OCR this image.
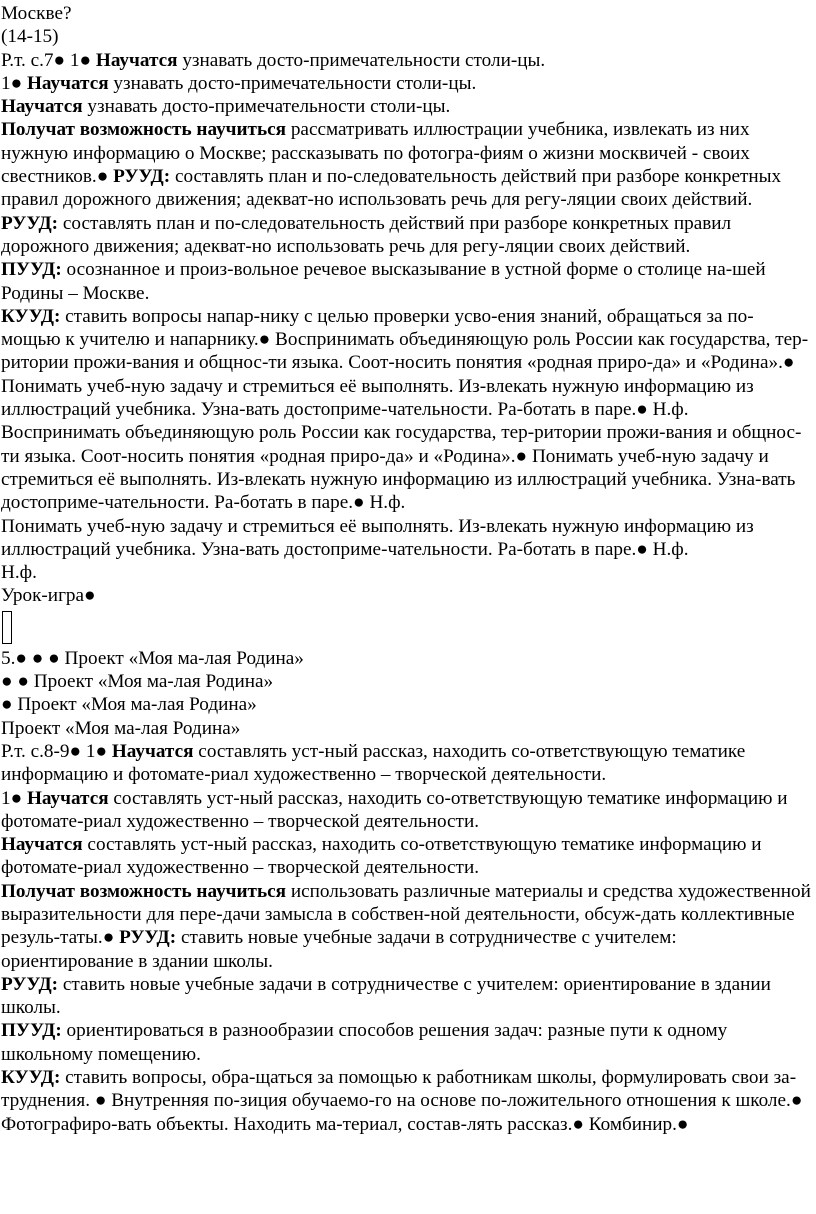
Москве?

(14-15)

Р.т. с.7● 1● Научатся узнавать досто-примечательности столи-цы.

1● Научатся узнавать досто-примечательности столи-цы.

Научатся узнавать досто-примечательности столи-цы.

Получат возможность научиться рассматривать иллюстрации учебника, извлекать из них нужную информацию о Москве; рассказывать по фотогра-фиям о жизни москвичей - своих свестников.● РУУД: составлять план и по-следовательность действий при разборе конкретных правил дорожного движения; адекват-но использовать речь для регу-ляции своих действий.

РУУД: составлять план и по-следовательность действий при разборе конкретных правил дорожного движения; адекват-но использовать речь для регу-ляции своих действий.

ПУУД: осознанное и произ-вольное речевое высказывание в устной форме о столице на-шей Родины – Москве.

КУУД: ставить вопросы напар-нику с целью проверки усво-ения знаний, обращаться за по-мощью к учителю и напарнику.● Воспринимать объединяющую роль России как государства, тер-ритории прожи-вания и общнос-ти языка. Соот-носить понятия «родная приро-да» и «Родина».● Понимать учеб-ную задачу и стремиться её выполнять. Из-влекать нужную информацию из иллюстраций учебника. Узна-вать достоприме-чательности. Ра-ботать в паре.● Н.ф.

Воспринимать объединяющую роль России как государства, тер-ритории прожи-вания и общнос-ти языка. Соот-носить понятия «родная приро-да» и «Родина».● Понимать учеб-ную задачу и стремиться её выполнять. Из-влекать нужную информацию из иллюстраций учебника. Узна-вать достоприме-чательности. Ра-ботать в паре.● Н.ф.

Понимать учеб-ную задачу и стремиться её выполнять. Из-влекать нужную информацию из иллюстраций учебника. Узна-вать достоприме-чательности. Ра-ботать в паре.● Н.ф.

Н.ф.

Урок-игра●

5.● ● ● Проект «Моя ма-лая Родина»

● ● Проект «Моя ма-лая Родина»

● Проект «Моя ма-лая Родина»

Проект «Моя ма-лая Родина»

Р.т. с.8-9● 1● Научатся составлять уст-ный рассказ, находить со-ответствующую тематике информацию и фотомате-риал художественно – творческой деятельности.

1● Научатся составлять уст-ный рассказ, находить со-ответствующую тематике информацию и фотомате-риал художественно – творческой деятельности.

Научатся составлять уст-ный рассказ, находить со-ответствующую тематике информацию и фотомате-риал художественно – творческой деятельности.

Получат возможность научиться использовать различные материалы и средства художественной выразительности для пере-дачи замысла в собствен-ной деятельности, обсуж-дать коллективные резуль-таты.● РУУД: ставить новые учебные задачи в сотрудничестве с учителем: ориентирование в здании школы.

РУУД: ставить новые учебные задачи в сотрудничестве с учителем: ориентирование в здании школы.

ПУУД: ориентироваться в разнообразии способов решения задач: разные пути к одному школьному помещению.

КУУД: ставить вопросы, обра-щаться за помощью к работникам школы, формулировать свои за-труднения. ● Внутренняя по-зиция обучаемо-го на основе по-ложительного отношения к школе.● Фотографиро-вать объекты. Находить ма-териал, состав-лять рассказ.● Комбинир.●
